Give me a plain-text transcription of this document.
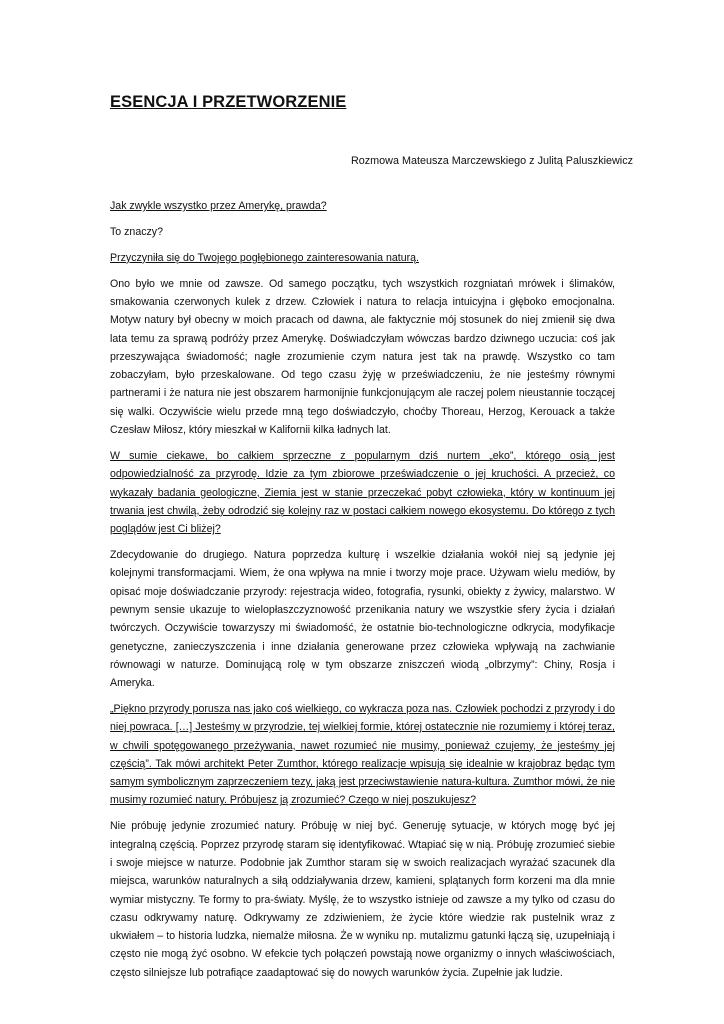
ESENCJA I PRZETWORZENIE

Rozmowa Mateusza Marczewskiego z Julitą Paluszkiewicz

Jak zwykle wszystko przez Amerykę, prawda?

To znaczy?

Przyczyniła się do Twojego pogłębionego zainteresowania naturą.

Ono było we mnie od zawsze. Od samego początku, tych wszystkich rozgniatań mrówek i ślimaków, smakowania czerwonych kulek z drzew. Człowiek i natura to relacja intuicyjna i głęboko emocjonalna. Motyw natury był obecny w moich pracach od dawna, ale faktycznie mój stosunek do niej zmienił się dwa lata temu za sprawą podróży przez Amerykę. Doświadczyłam wówczas bardzo dziwnego uczucia: coś jak przeszywająca świadomość; nagłe zrozumienie czym natura jest tak na prawdę. Wszystko co tam zobaczyłam, było przeskalowane. Od tego czasu żyję w przeświadczeniu, że nie jesteśmy równymi partnerami i że natura nie jest obszarem harmonijnie funkcjonującym ale raczej polem nieustannie toczącej się walki. Oczywiście wielu przede mną tego doświadczyło, choćby Thoreau, Herzog, Kerouack a także Czesław Miłosz, który mieszkał w Kalifornii kilka ładnych lat.

W sumie ciekawe, bo całkiem sprzeczne z popularnym dziś nurtem „eko”, którego osią jest odpowiedzialność za przyrodę. Idzie za tym zbiorowe przeświadczenie o jej kruchości. A przecież, co wykazały badania geologiczne, Ziemia jest w stanie przeczekać pobyt człowieka, który w kontinuum jej trwania jest chwilą, żeby odrodzić się kolejny raz w postaci całkiem nowego ekosystemu. Do którego z tych poglądów jest Ci bliżej?

Zdecydowanie do drugiego. Natura poprzedza kulturę i wszelkie działania wokół niej są jedynie jej kolejnymi transformacjami. Wiem, że ona wpływa na mnie i tworzy moje prace. Używam wielu mediów, by opisać moje doświadczanie przyrody: rejestracja wideo, fotografia, rysunki, obiekty z żywicy, malarstwo. W pewnym sensie ukazuje to wielopłaszczyznowość przenikania natury we wszystkie sfery życia i działań twórczych. Oczywiście towarzyszy mi świadomość, że ostatnie bio-technologiczne odkrycia, modyfikacje genetyczne, zanieczyszczenia i inne działania generowane przez człowieka wpływają na zachwianie równowagi w naturze. Dominującą rolę w tym obszarze zniszczeń wiodą „olbrzymy”: Chiny, Rosja i Ameryka.

„Piękno przyrody porusza nas jako coś wielkiego, co wykracza poza nas. Człowiek pochodzi z przyrody i do niej powraca. […] Jesteśmy w przyrodzie, tej wielkiej formie, której ostatecznie nie rozumiemy i której teraz, w chwili spotęgowanego przeżywania, nawet rozumieć nie musimy, ponieważ czujemy, że jesteśmy jej częścią”. Tak mówi architekt Peter Zumthor, którego realizacje wpisują się idealnie w krajobraz będąc tym samym symbolicznym zaprzeczeniem tezy, jaką jest przeciwstawienie natura-kultura. Zumthor mówi, że nie musimy rozumieć natury. Próbujesz ją zrozumieć? Czego w niej poszukujesz?

Nie próbuję jedynie zrozumieć natury. Próbuję w niej być. Generuję sytuacje, w których mogę być jej integralną częścią. Poprzez przyrodę staram się identyfikować. Wtapiać się w nią. Próbuję zrozumieć siebie i swoje miejsce w naturze. Podobnie jak Zumthor staram się w swoich realizacjach wyrażać szacunek dla miejsca, warunków naturalnych a siłą oddziaływania drzew, kamieni, splątanych form korzeni ma dla mnie wymiar mistyczny. Te formy to pra-światy. Myślę, że to wszystko istnieje od zawsze a my tylko od czasu do czasu odkrywamy naturę. Odkrywamy ze zdziwieniem, że życie które wiedzie rak pustelnik wraz z ukwiałem – to historia ludzka, niemalże miłosna. Że w wyniku np. mutalizmu gatunki łączą się, uzupełniają i często nie mogą żyć osobno. W efekcie tych połączeń powstają nowe organizmy o innych właściwościach, często silniejsze lub potrafiące zaadaptować się do nowych warunków życia. Zupełnie jak ludzie.
